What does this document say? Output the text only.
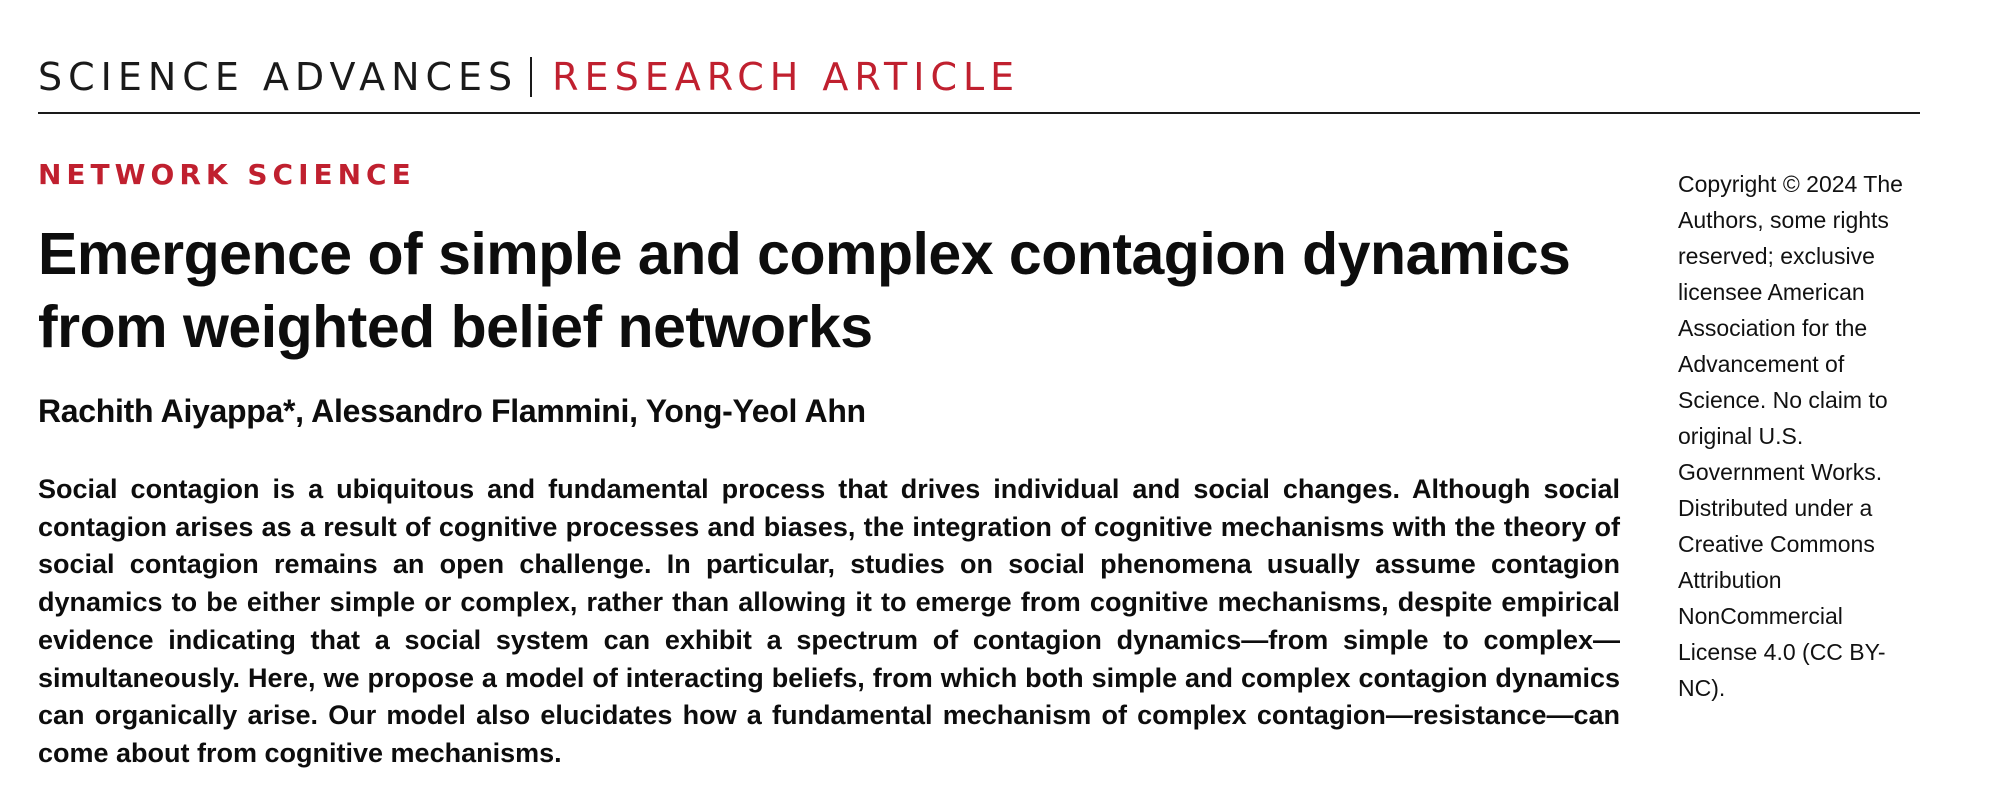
SCIENCE ADVANCES RESEARCH ARTICLE
NETWORK SCIENCE
Emergence of simple and complex contagion dynamics from weighted belief networks
Rachith Aiyappa*, Alessandro Flammini, Yong-Yeol Ahn

Social contagion is a ubiquitous and fundamental process that drives individual and social changes. Although social contagion arises as a result of cognitive processes and biases, the integration of cognitive mechanisms with the theory of social contagion remains an open challenge. In particular, studies on social phenomena usually assume contagion dynamics to be either simple or complex, rather than allowing it to emerge from cognitive mechanisms, despite empirical evidence indicating that a social system can exhibit a spectrum of contagion dynamics—from simple to complex—simultaneously. Here, we propose a model of interacting beliefs, from which both simple and complex contagion dynamics can organically arise. Our model also elucidates how a fundamental mechanism of complex contagion—resistance—can come about from cognitive mechanisms.

Copyright © 2024 The Authors, some rights reserved; exclusive licensee American Association for the Advancement of Science. No claim to original U.S. Government Works. Distributed under a Creative Commons Attribution NonCommercial License 4.0 (CC BY-NC).
